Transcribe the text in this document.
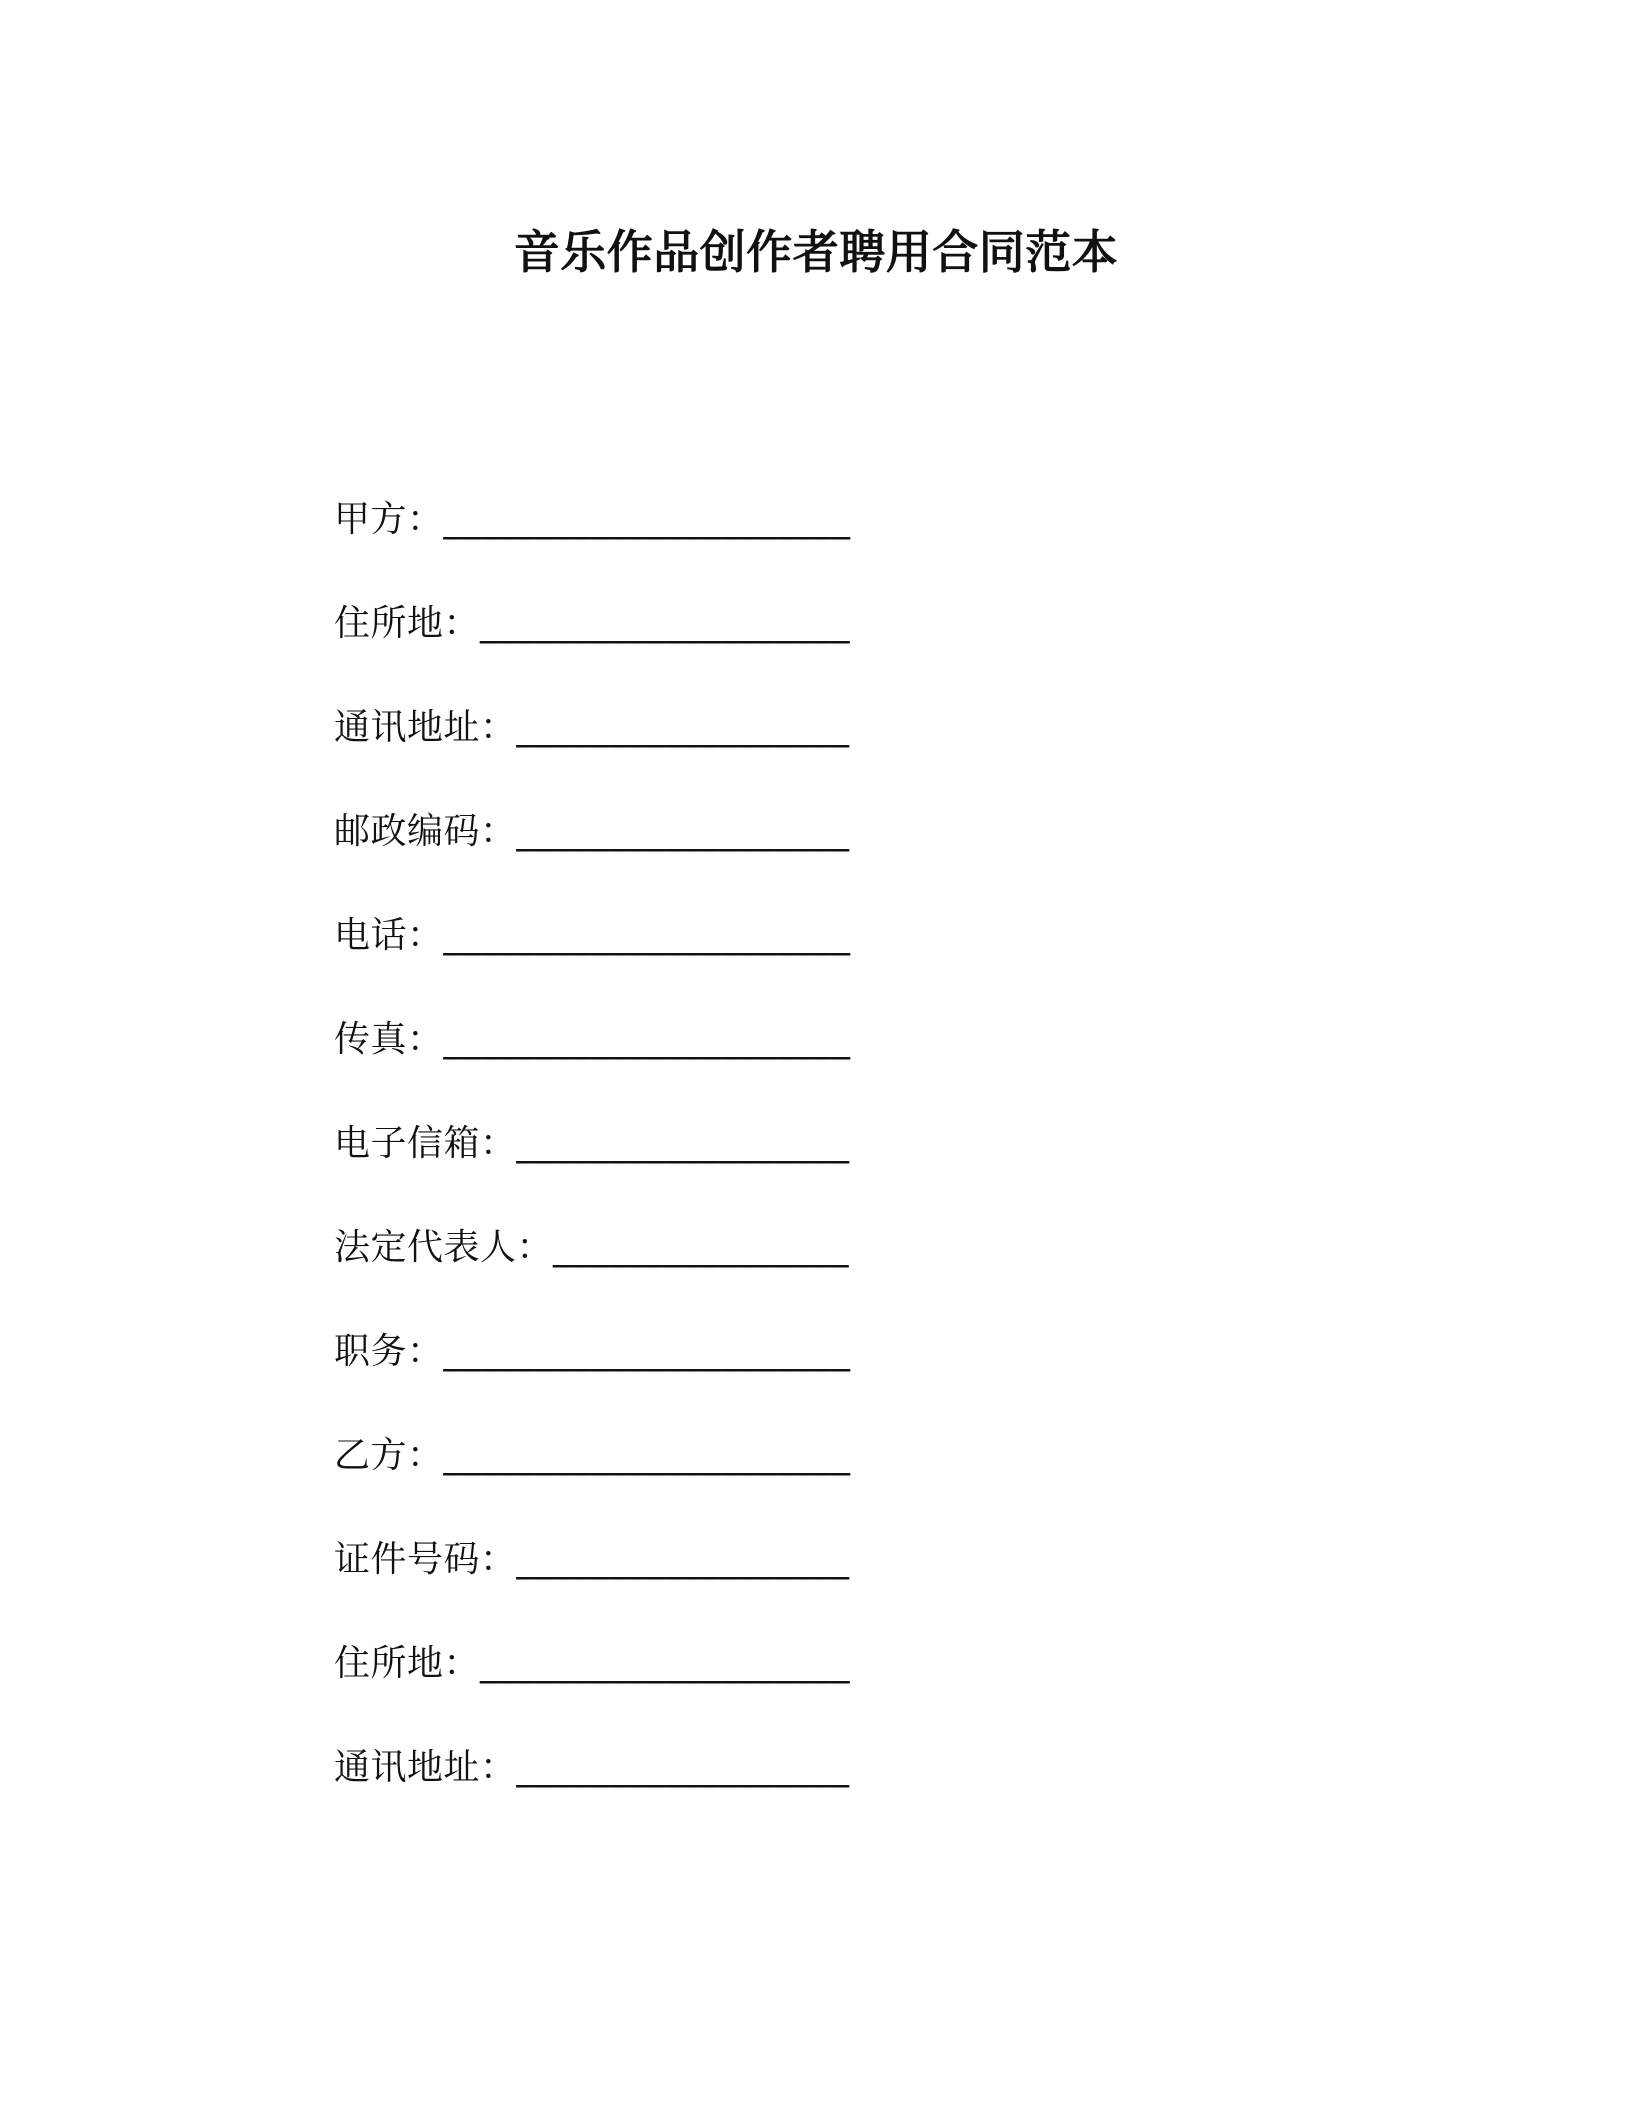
音乐作品创作者聘用合同范本
甲方：______________________
住所地：____________________
通讯地址：__________________
邮政编码：__________________
电话：______________________
传真：______________________
电子信箱：__________________
法定代表人：________________
职务：______________________
乙方：______________________
证件号码：__________________
住所地：____________________
通讯地址：__________________
